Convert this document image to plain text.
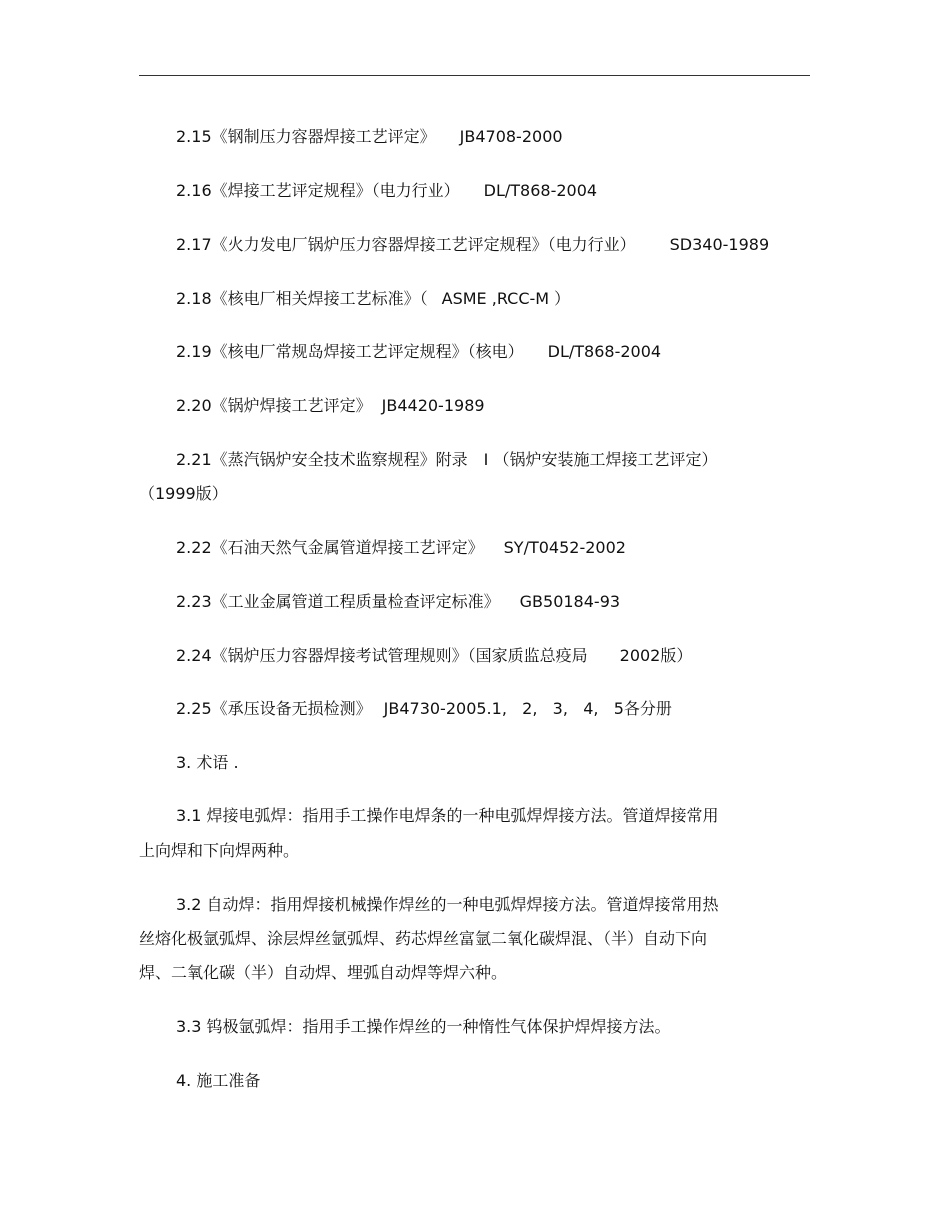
2.15《钢制压力容器焊接工艺评定》 JB4708-2000
2.16《焊接工艺评定规程》（电力行业） DL/T868-2004
2.17《火力发电厂锅炉压力容器焊接工艺评定规程》（电力行业） SD340-1989
2.18《核电厂相关焊接工艺标准》（ ASME ,RCC-M ）
2.19《核电厂常规岛焊接工艺评定规程》（核电） DL/T868-2004
2.20《锅炉焊接工艺评定》 JB4420-1989
2.21《蒸汽锅炉安全技术监察规程》附录 I （锅炉安装施工焊接工艺评定）
（1999版）
2.22《石油天然气金属管道焊接工艺评定》 SY/T0452-2002
2.23《工业金属管道工程质量检查评定标准》 GB50184-93
2.24《锅炉压力容器焊接考试管理规则》（国家质监总疫局 2002版）
2.25《承压设备无损检测》 JB4730-2005.1,   2,   3,   4,   5各分册
3. 术语 .
3.1 焊接电弧焊：指用手工操作电焊条的一种电弧焊焊接方法。管道焊接常用
上向焊和下向焊两种。
3.2 自动焊：指用焊接机械操作焊丝的一种电弧焊焊接方法。管道焊接常用热
丝熔化极氩弧焊、涂层焊丝氩弧焊、药芯焊丝富氩二氧化碳焊混、（半）自动下向
焊、二氧化碳（半）自动焊、埋弧自动焊等焊六种。
3.3 钨极氩弧焊：指用手工操作焊丝的一种惰性气体保护焊焊接方法。
4. 施工准备
